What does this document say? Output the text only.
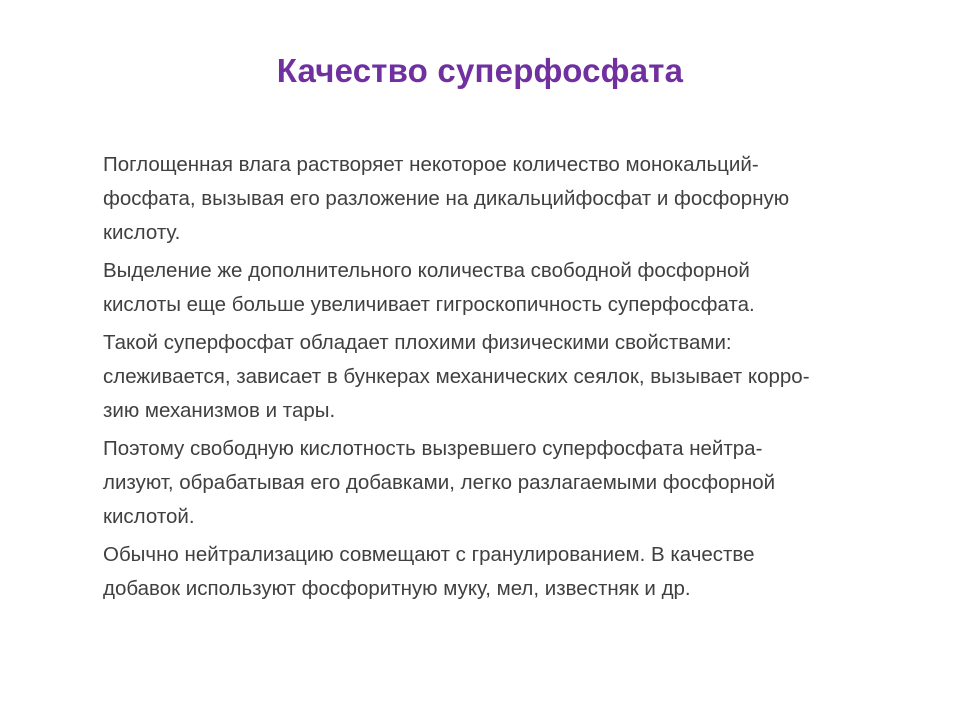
Качество суперфосфата

Поглощенная влага растворяет некоторое количество монокальций-
фосфата, вызывая его разложение на дикальцийфосфат и фосфорную
кислоту.

Выделение же дополнительного количества свободной фосфорной
кислоты еще больше увеличивает гигроскопичность суперфосфата.

Такой суперфосфат обладает плохими физическими свойствами:
слеживается, зависает в бункерах механических сеялок, вызывает корро-
зию механизмов и тары.

Поэтому свободную кислотность вызревшего суперфосфата нейтра-
лизуют, обрабатывая его добавками, легко разлагаемыми фосфорной
кислотой.

Обычно нейтрализацию совмещают с гранулированием. В качестве
добавок используют фосфоритную муку, мел, известняк и др.
